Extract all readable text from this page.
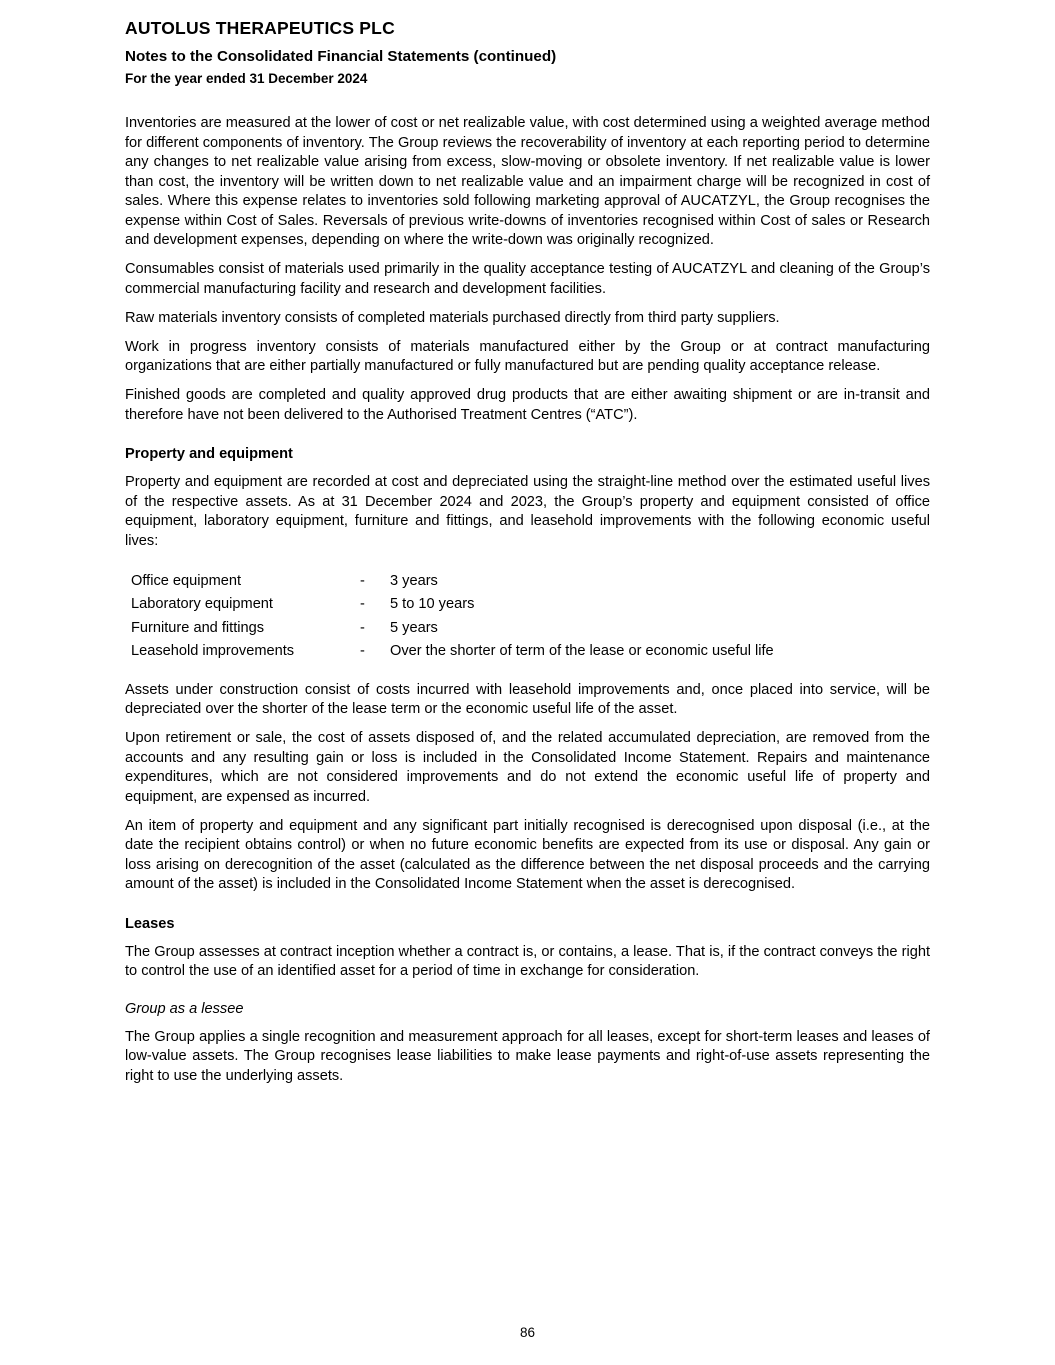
AUTOLUS THERAPEUTICS PLC
Notes to the Consolidated Financial Statements (continued)
For the year ended 31 December 2024

Inventories are measured at the lower of cost or net realizable value, with cost determined using a weighted average method for different components of inventory. The Group reviews the recoverability of inventory at each reporting period to determine any changes to net realizable value arising from excess, slow-moving or obsolete inventory. If net realizable value is lower than cost, the inventory will be written down to net realizable value and an impairment charge will be recognized in cost of sales. Where this expense relates to inventories sold following marketing approval of AUCATZYL, the Group recognises the expense within Cost of Sales. Reversals of previous write-downs of inventories recognised within Cost of sales or Research and development expenses, depending on where the write-down was originally recognized.

Consumables consist of materials used primarily in the quality acceptance testing of AUCATZYL and cleaning of the Group’s commercial manufacturing facility and research and development facilities.

Raw materials inventory consists of completed materials purchased directly from third party suppliers.

Work in progress inventory consists of materials manufactured either by the Group or at contract manufacturing organizations that are either partially manufactured or fully manufactured but are pending quality acceptance release.

Finished goods are completed and quality approved drug products that are either awaiting shipment or are in-transit and therefore have not been delivered to the Authorised Treatment Centres (“ATC”).

Property and equipment

Property and equipment are recorded at cost and depreciated using the straight-line method over the estimated useful lives of the respective assets. As at 31 December 2024 and 2023, the Group’s property and equipment consisted of office equipment, laboratory equipment, furniture and fittings, and leasehold improvements with the following economic useful lives:

Office equipment	-	3 years
Laboratory equipment	-	5 to 10 years
Furniture and fittings	-	5 years
Leasehold improvements	-	Over the shorter of term of the lease or economic useful life

Assets under construction consist of costs incurred with leasehold improvements and, once placed into service, will be depreciated over the shorter of the lease term or the economic useful life of the asset.

Upon retirement or sale, the cost of assets disposed of, and the related accumulated depreciation, are removed from the accounts and any resulting gain or loss is included in the Consolidated Income Statement. Repairs and maintenance expenditures, which are not considered improvements and do not extend the economic useful life of property and equipment, are expensed as incurred.

An item of property and equipment and any significant part initially recognised is derecognised upon disposal (i.e., at the date the recipient obtains control) or when no future economic benefits are expected from its use or disposal. Any gain or loss arising on derecognition of the asset (calculated as the difference between the net disposal proceeds and the carrying amount of the asset) is included in the Consolidated Income Statement when the asset is derecognised.

Leases

The Group assesses at contract inception whether a contract is, or contains, a lease. That is, if the contract conveys the right to control the use of an identified asset for a period of time in exchange for consideration.

Group as a lessee

The Group applies a single recognition and measurement approach for all leases, except for short-term leases and leases of low-value assets. The Group recognises lease liabilities to make lease payments and right-of-use assets representing the right to use the underlying assets.

86
